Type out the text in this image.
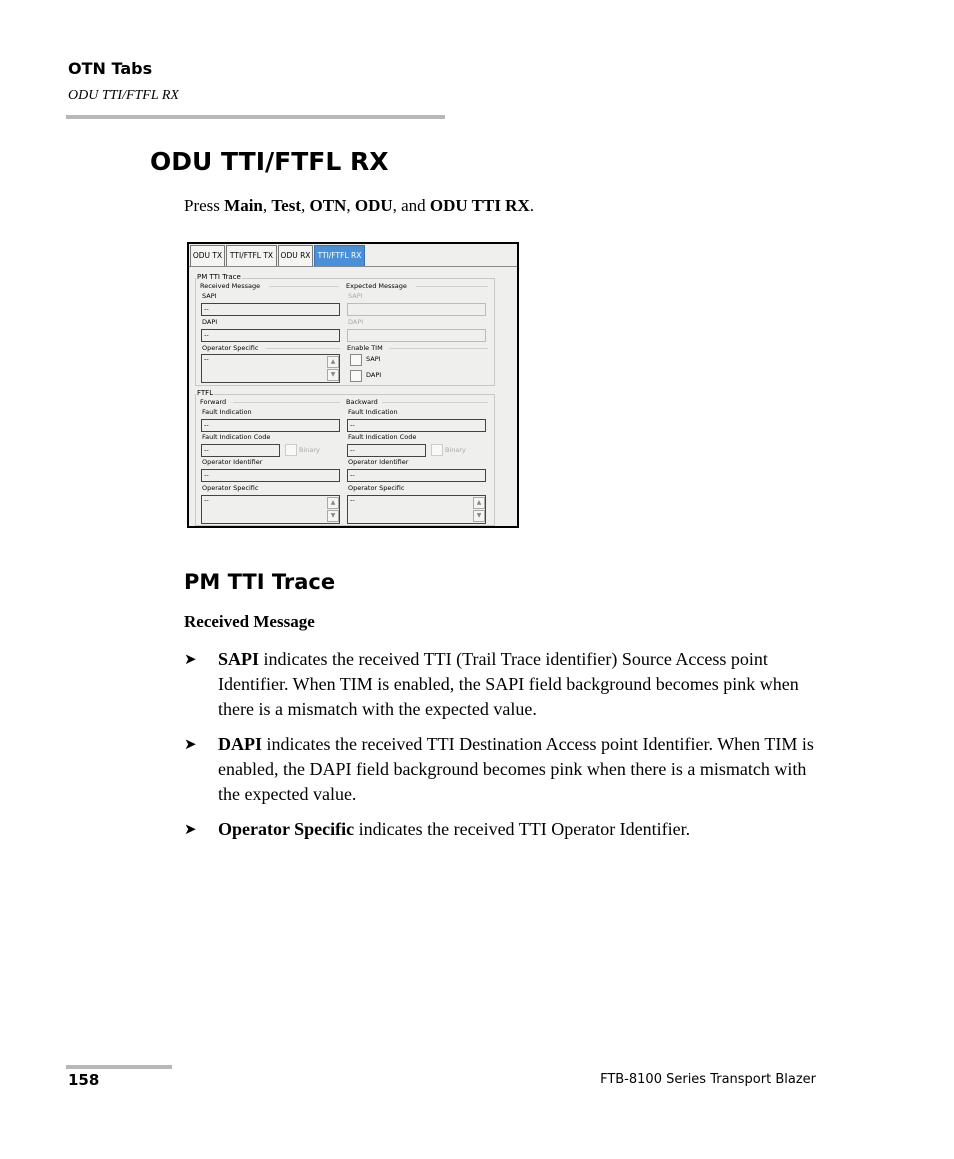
OTN Tabs
ODU TTI/FTFL RX
ODU TTI/FTFL RX
Press Main, Test, OTN, ODU, and ODU TTI RX.
ODU TX	TTI/FTFL TX ODU RX TTI/FTFL RX
PM TTI Trace
Received Message	Expected Message
SAPI
--
SAPI
DAPI
--
DAPI
Operator Specific
--	▲
▼
Enable TIM
SAPI
DAPI
FTFL
Forward	Backward
Fault Indication
--
Fault Indication
--
Fault Indication Code
--	Binary
Fault Indication Code
--	Binary
Operator Identifier
--
Operator Identifier
--
Operator Specific
--	▲
▼
Operator Specific
--	▲
▼
PM TTI Trace
Received Message
➤ SAPI indicates the received TTI (Trail Trace identifier) Source Access point Identifier. When TIM is enabled, the SAPI field background becomes pink when there is a mismatch with the expected value.
➤ DAPI indicates the received TTI Destination Access point Identifier. When TIM is enabled, the DAPI field background becomes pink when there is a mismatch with the expected value.
➤ Operator Specific indicates the received TTI Operator Identifier.
158	FTB-8100 Series Transport Blazer
